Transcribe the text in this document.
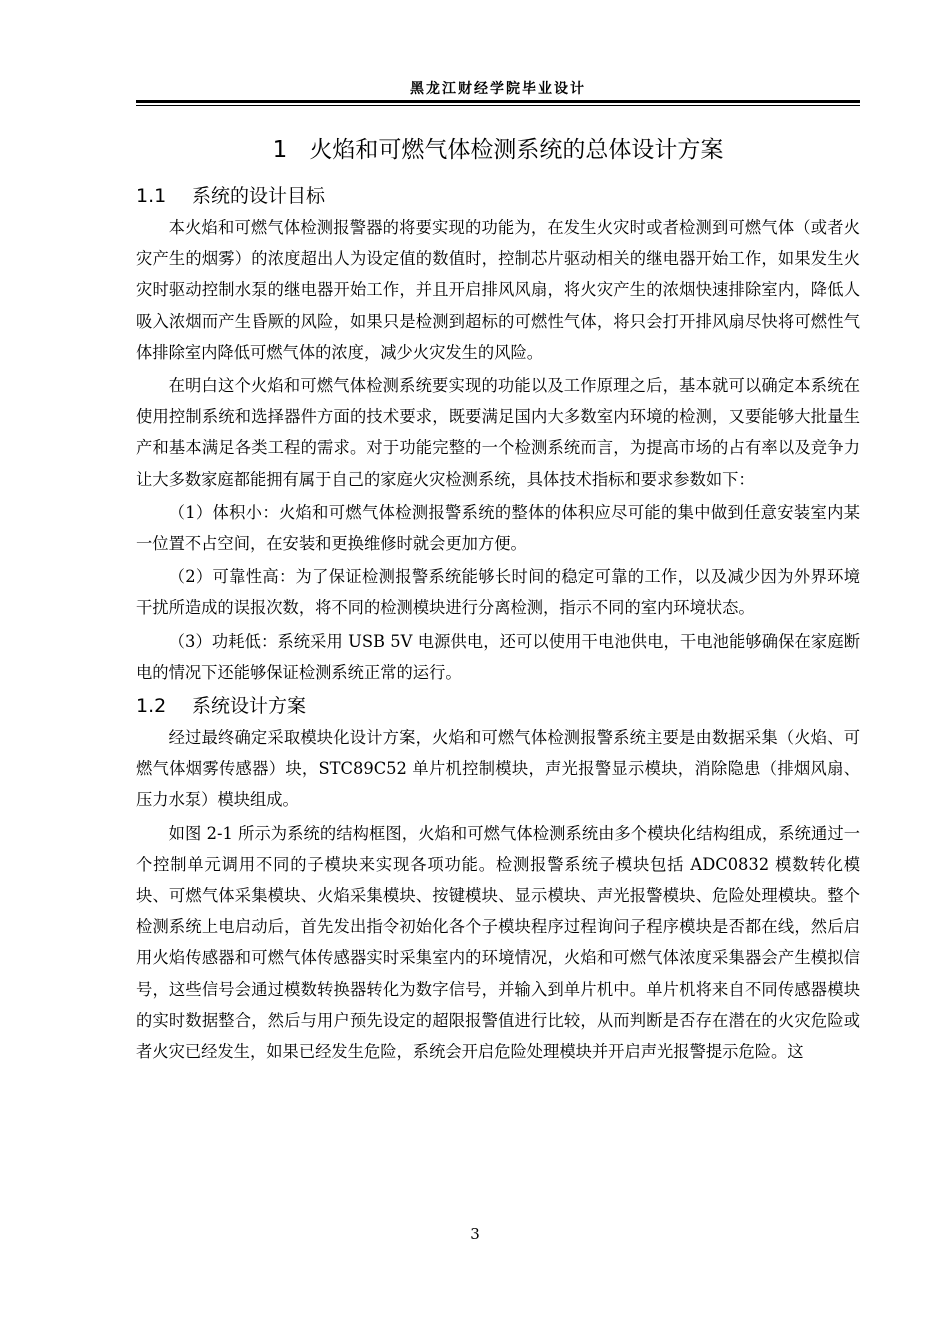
黑龙江财经学院毕业设计
1 火焰和可燃气体检测系统的总体设计方案
1.1 系统的设计目标

本火焰和可燃气体检测报警器的将要实现的功能为，在发生火灾时或者检测到可燃气体（或者火灾产生的烟雾）的浓度超出人为设定值的数值时，控制芯片驱动相关的继电器开始工作，如果发生火灾时驱动控制水泵的继电器开始工作，并且开启排风风扇，将火灾产生的浓烟快速排除室内，降低人吸入浓烟而产生昏厥的风险，如果只是检测到超标的可燃性气体，将只会打开排风扇尽快将可燃性气体排除室内降低可燃气体的浓度，减少火灾发生的风险。

在明白这个火焰和可燃气体检测系统要实现的功能以及工作原理之后，基本就可以确定本系统在使用控制系统和选择器件方面的技术要求，既要满足国内大多数室内环境的检测，又要能够大批量生产和基本满足各类工程的需求。对于功能完整的一个检测系统而言，为提高市场的占有率以及竞争力让大多数家庭都能拥有属于自己的家庭火灾检测系统，具体技术指标和要求参数如下：

（1）体积小：火焰和可燃气体检测报警系统的整体的体积应尽可能的集中做到任意安装室内某一位置不占空间，在安装和更换维修时就会更加方便。

（2）可靠性高：为了保证检测报警系统能够长时间的稳定可靠的工作，以及减少因为外界环境干扰所造成的误报次数，将不同的检测模块进行分离检测，指示不同的室内环境状态。

（3）功耗低：系统采用 USB 5V 电源供电，还可以使用干电池供电，干电池能够确保在家庭断电的情况下还能够保证检测系统正常的运行。

1.2 系统设计方案

经过最终确定采取模块化设计方案，火焰和可燃气体检测报警系统主要是由数据采集（火焰、可燃气体烟雾传感器）块，STC89C52 单片机控制模块，声光报警显示模块，消除隐患（排烟风扇、压力水泵）模块组成。

如图 2-1 所示为系统的结构框图，火焰和可燃气体检测系统由多个模块化结构组成，系统通过一个控制单元调用不同的子模块来实现各项功能。检测报警系统子模块包括 ADC0832 模数转化模块、可燃气体采集模块、火焰采集模块、按键模块、显示模块、声光报警模块、危险处理模块。整个检测系统上电启动后，首先发出指令初始化各个子模块程序过程询问子程序模块是否都在线，然后启用火焰传感器和可燃气体传感器实时采集室内的环境情况，火焰和可燃气体浓度采集器会产生模拟信号，这些信号会通过模数转换器转化为数字信号，并输入到单片机中。单片机将来自不同传感器模块的实时数据整合，然后与用户预先设定的超限报警值进行比较，从而判断是否存在潜在的火灾危险或者火灾已经发生，如果已经发生危险，系统会开启危险处理模块并开启声光报警提示危险。这

3
